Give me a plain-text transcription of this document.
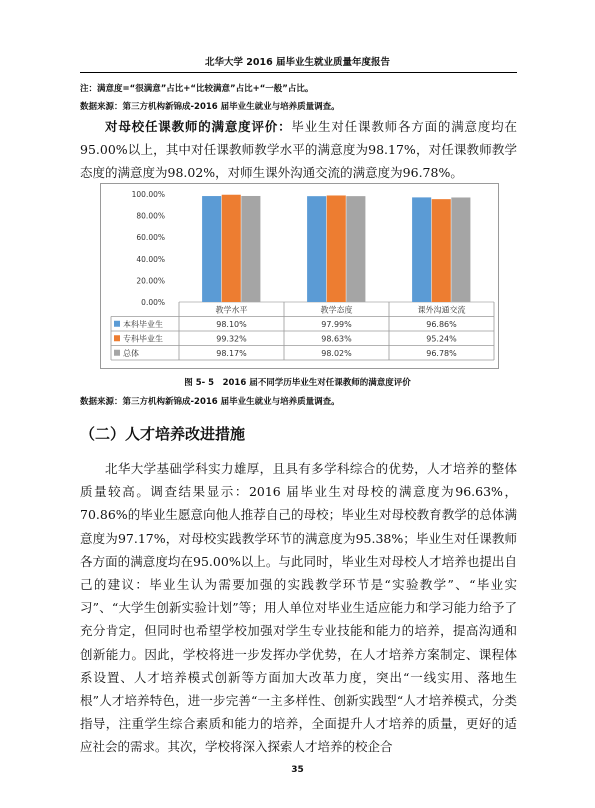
北华大学 2016 届毕业生就业质量年度报告
注：满意度=“很满意”占比+“比较满意”占比+“一般”占比。
数据来源：第三方机构新锦成-2016 届毕业生就业与培养质量调查。

对母校任课教师的满意度评价：毕业生对任课教师各方面的满意度均在95.00%以上，其中对任课教师教学水平的满意度为98.17%，对任课教师教学态度的满意度为98.02%，对师生课外沟通交流的满意度为96.78%。

100.00%
80.00%
60.00%
40.00%
20.00%
0.00%
教学水平	教学态度	课外沟通交流
本科毕业生	98.10%	97.99%	96.86%
专科毕业生	99.32%	98.63%	95.24%
总体	98.17%	98.02%	96.78%
图 5- 5　2016 届不同学历毕业生对任课教师的满意度评价
数据来源：第三方机构新锦成-2016 届毕业生就业与培养质量调查。
（二）人才培养改进措施

北华大学基础学科实力雄厚，且具有多学科综合的优势，人才培养的整体质量较高。调查结果显示：2016 届毕业生对母校的满意度为96.63%，70.86%的毕业生愿意向他人推荐自己的母校；毕业生对母校教育教学的总体满意度为97.17%，对母校实践教学环节的满意度为95.38%；毕业生对任课教师各方面的满意度均在95.00%以上。与此同时，毕业生对母校人才培养也提出自己的建议：毕业生认为需要加强的实践教学环节是“实验教学”、“毕业实习”、“大学生创新实验计划”等；用人单位对毕业生适应能力和学习能力给予了充分肯定，但同时也希望学校加强对学生专业技能和能力的培养，提高沟通和创新能力。因此，学校将进一步发挥办学优势，在人才培养方案制定、课程体系设置、人才培养模式创新等方面加大改革力度，突出“一线实用、落地生根”人才培养特色，进一步完善“一主多样性、创新实践型“人才培养模式，分类指导，注重学生综合素质和能力的培养，全面提升人才培养的质量，更好的适应社会的需求。其次，学校将深入探索人才培养的校企合

35
